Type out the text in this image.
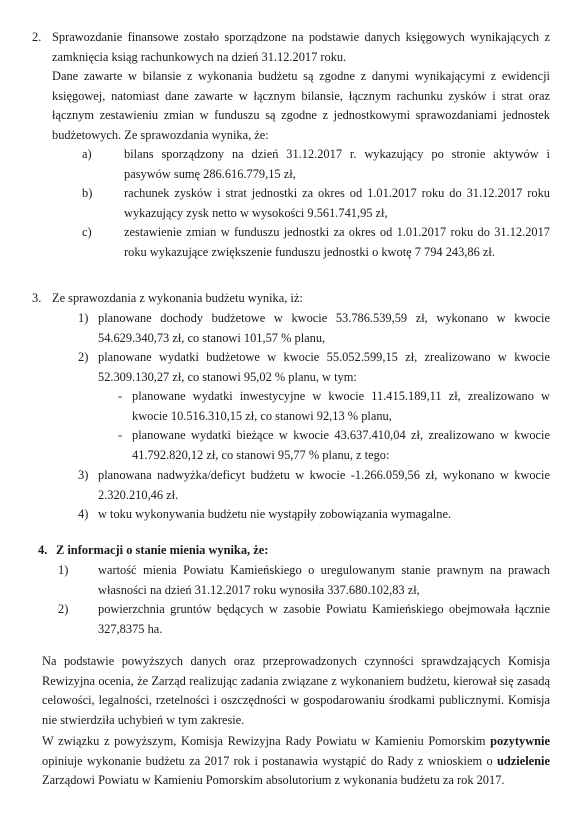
2. Sprawozdanie finansowe zostało sporządzone na podstawie danych księgowych wynikających z zamknięcia ksiąg rachunkowych na dzień 31.12.2017 roku.
Dane zawarte w bilansie z wykonania budżetu są zgodne z danymi wynikającymi z ewidencji księgowej, natomiast dane zawarte w łącznym bilansie, łącznym rachunku zysków i strat oraz łącznym zestawieniu zmian w funduszu są zgodne z jednostkowymi sprawozdaniami jednostek budżetowych. Ze sprawozdania wynika, że:
a)	bilans sporządzony na dzień 31.12.2017 r. wykazujący po stronie aktywów i pasywów sumę 286.616.779,15 zł,
b)	rachunek zysków i strat jednostki za okres od 1.01.2017 roku do 31.12.2017 roku wykazujący zysk netto w wysokości 9.561.741,95 zł,
c)	zestawienie zmian w funduszu jednostki za okres od 1.01.2017 roku do 31.12.2017 roku wykazujące zwiększenie funduszu jednostki o kwotę 7 794 243,86 zł.
3. Ze sprawozdania z wykonania budżetu wynika, iż:
1) planowane dochody budżetowe w kwocie 53.786.539,59 zł, wykonano w kwocie 54.629.340,73 zł, co stanowi 101,57 % planu,
2) planowane wydatki budżetowe w kwocie 55.052.599,15 zł, zrealizowano w kwocie 52.309.130,27 zł, co stanowi 95,02 % planu, w tym:
- planowane wydatki inwestycyjne w kwocie 11.415.189,11 zł, zrealizowano w kwocie 10.516.310,15 zł, co stanowi 92,13 % planu,
- planowane wydatki bieżące w kwocie 43.637.410,04 zł, zrealizowano w kwocie 41.792.820,12 zł, co stanowi 95,77 % planu, z tego:
3) planowana nadwyżka/deficyt budżetu w kwocie -1.266.059,56 zł, wykonano w kwocie 2.320.210,46 zł.
4) w toku wykonywania budżetu nie wystąpiły zobowiązania wymagalne.
4. Z informacji o stanie mienia wynika, że:
1) wartość mienia Powiatu Kamieńskiego o uregulowanym stanie prawnym na prawach własności na dzień 31.12.2017 roku wynosiła 337.680.102,83 zł,
2) powierzchnia gruntów będących w zasobie Powiatu Kamieńskiego obejmowała łącznie 327,8375 ha.
Na podstawie powyższych danych oraz przeprowadzonych czynności sprawdzających Komisja Rewizyjna ocenia, że Zarząd realizując zadania związane z wykonaniem budżetu, kierował się zasadą celowości, legalności, rzetelności i oszczędności w gospodarowaniu środkami publicznymi. Komisja nie stwierdziła uchybień w tym zakresie.
W związku z powyższym, Komisja Rewizyjna Rady Powiatu w Kamieniu Pomorskim pozytywnie opiniuje wykonanie budżetu za 2017 rok i postanawia wystąpić do Rady z wnioskiem o udzielenie Zarządowi Powiatu w Kamieniu Pomorskim absolutorium z wykonania budżetu za rok 2017.
